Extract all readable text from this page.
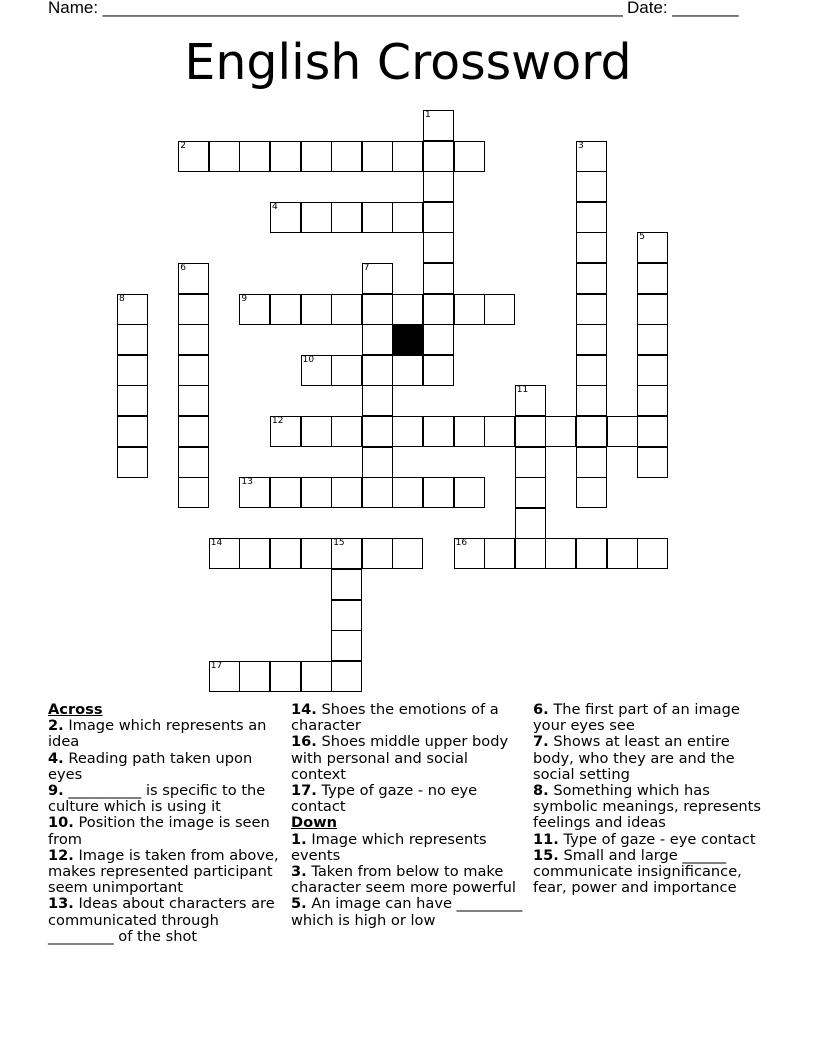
Name: _______________________________________________________ Date: _______
English Crossword
2
4
9
10
12
13
14	15	16
17
1
3
5
6	7
8
11
Across
2. Image which represents an idea
4. Reading path taken upon eyes
9. __________ is specific to the culture which is using it
10. Position the image is seen from
12. Image is taken from above, makes represented participant seem unimportant
13. Ideas about characters are communicated through _________ of the shot
14. Shoes the emotions of a character
16. Shoes middle upper body with personal and social context
17. Type of gaze - no eye contact
Down
1. Image which represents events
3. Taken from below to make character seem more powerful
5. An image can have _________ which is high or low
6. The first part of an image your eyes see
7. Shows at least an entire body, who they are and the social setting
8. Something which has symbolic meanings, represents feelings and ideas
11. Type of gaze - eye contact
15. Small and large ______ communicate insignificance, fear, power and importance
